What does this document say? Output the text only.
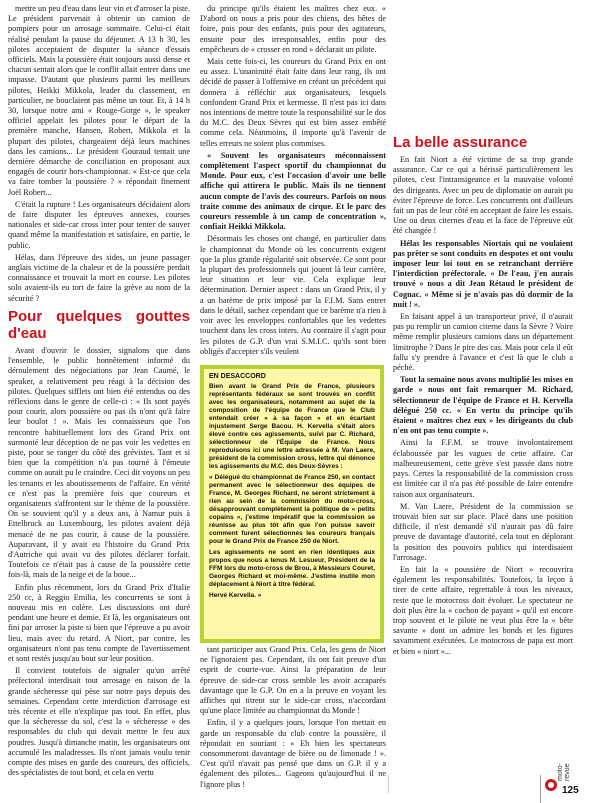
mettre un peu d'eau dans leur vin et d'arroser la piste. Le président parvenait à obtenir un camion de pompiers pour un arrosage sommaire. Celui-ci était réalisé pendant la pause du déjeuner. A 13 h 30, les pilotes acceptaient de disputer la séance d'essais officiels. Mais la poussière était toujours aussi dense et chacun sentait alors que le conflit allait entrer dans une impasse. D'autant que plusieurs parmi les meilleurs pilotes, Heikki Mikkola, leader du classement, en particulier, ne bouclaient pas même un tour. Et, à 14 h 30, lorsque notre ami « Rouge-Gorge », le speaker officiel appelait les pilotes pour le départ de la première manche, Hansen, Robert, Mikkola et la plupart des pilotes, chargeaient déjà leurs machines dans les camions... Le président Gouraud tentait une dernière démarche de conciliation en proposant aux engagés de courir hors-championnat. « Est-ce que cela va faire tomber la poussière ? » répondait finement Joël Robert...

C'était la rupture ! Les organisateurs décidaient alors de faire disputer les épreuves annexes, courses nationales et side-car cross inter pour tenter de sauver quand même la manifestation et satisfaire, en partie, le public.

Hélas, dans l'épreuve des sides, un jeune passager anglais victime de la chaleur et de la poussière perdait connaissance et trouvait la mort en course. Les pilotes solo avaient-ils eu tort de faire la grève au nom de la sécurité ?

Pour quelques gouttes d'eau

Avant d'ouvrir le dossier, signalons que dans l'ensemble, le public honnêtement informé du déroulement des négociations par Jean Caumé, le speaker, a relativement peu réagi à la décision des pilotes. Quelques sifflets ont bien été entendus ou des réflexions dans le genre de celle-ci : « Ils sont payés pour courir, alors poussière ou pas ils n'ont qu'à faire leur boulot ! ». Mais les connaisseurs que l'on rencontre habituellement lors des Grand Prix ont surmonté leur déception de ne pas voir les vedettes en piste, pour se ranger du côté des grévistes. Tant et si bien que la compétition n'a pas tourné à l'émeute comme on aurait pu le craindre. Ceci dit voyons un peu les tenants et les aboutissements de l'affaire. En vérité ce n'est pas la première fois que coureurs et organisateurs s'affrontent sur le thème de la poussière. On se souvient qu'il y a deux ans, à Namur puis à Ettelbruck au Luxembourg, les pilotes avaient déjà menacé de ne pas courir, à cause de la poussière. Auparavant, il y avait eu l'histoire du Grand Prix d'Autriche qui avait vu des pilotes déclarer forfait. Toutefois ce n'était pas à cause de la poussière cette fois-là, mais de la neige et de la boue...

Enfin plus récemment, lors du Grand Prix d'Italie 250 cc, à Reggio Emilia, les concurrents se sont à nouveau mis en colère. Les discussions ont duré pendant une heure et demie. Et là, les organisateurs ont fini par arroser la piste si bien que l'épreuve a pu avoir lieu, mais avec du retard. A Niort, par contre, les organisateurs n'ont pas tenu compte de l'avertissement et sont restés jusqu'au bout sur leur position.

Il convient toutefois de signaler qu'un arrêté préfectoral interdisait tout arrosage en raison de la grande sécheresse qui pèse sur notre pays depuis des semaines. Cependant cette interdiction d'arrosage est très récente et elle n'explique pas tout. En effet, plus que la sécheresse du sol, c'est la « sécheresse » des responsables du club qui devait mettre le feu aux poudres. Jusqu'à dimanche matin, les organisateurs ont accumulé les maladresses. Ils n'ont jamais voulu tenir compte des mises en garde des coureurs, des officiels, des spécialistes de tout bord, et cela en vertu

du principe qu'ils étaient les maîtres chez eux. « D'abord on nous a pris pour des chiens, des bêtes de foire, puis pour des enfants, puis pour des agitateurs, ensuite pour des irresponsables, enfin pour des empêcheurs de « crosser en rond » déclarait un pilote.

Mais cette fois-ci, les coureurs du Grand Prix en ont eu assez. L'unanimité était faite dans leur rang, ils ont décidé de passer à l'offensive en créant un précédent qui donnera à réfléchir aux organisateurs, lesquels confondent Grand Prix et kermesse. Il n'est pas ici dans nos intentions de mettre toute la responsabilité sur le dos du M.C. des Deux Sèvres qui est bien assez embêté comme cela. Néanmoins, il importe qu'à l'avenir de telles erreurs ne soient plus commises.

« Souvent les organisateurs méconnaissent complètement l'aspect sportif du championnat du Monde. Pour eux, c'est l'occasion d'avoir une belle affiche qui attirera le public. Mais ils ne tiennent aucun compte de l'avis des coureurs. Parfois on nous traite comme des animaux de cirque. Et le parc des coureurs ressemble à un camp de concentration », confiait Heikki Mikkola.

Désormais les choses ont changé, en particulier dans le championnat du Monde où les concurrents exigent que la plus grande régularité soit observée. Ce sont pour la plupart des professionnels qui jouent là leur carrière, leur situation et leur vie. Cela explique leur détermination. Dernier aspect : dans un Grand Prix, il y a un barème de prix imposé par la F.I.M. Sans entrer dans le détail, sachez cependant que ce barème n'a rien à voir avec les enveloppes confortables que les vedettes touchent dans les cross inters. Au contraire il s'agit pour les pilotes de G.P. d'un vrai S.M.I.C. qu'ils sont bien obligés d'accepter s'ils veulent

EN DESACCORD

Bien avant le Grand Prix de France, plusieurs représentants fédéraux se sont trouvés en conflit avec les organisateurs, notamment au sujet de la composition de l'équipe de France que le Club entendait créer « à sa façon » et en écartant injustement Serge Bacou. H. Kervella s'était alors élevé contre ces agissements, suivi par C. Richard, sélectionneur de l'Équipe de France. Nous reproduisons ici une lettre adressée à M. Van Laere, président de la commission cross, lettre qui dénonce les agissements du M.C. des Deux-Sèvres :

« Délégué du championnat de France 250, en contact permanent avec le sélectionneur des équipes de France, M. Georges Richard, ne seront strictement à rien au sein de la commission du moto-cross, désapprouvant complètement la politique de « petits copains », j'estime impératif que la commission se réunisse au plus tôt afin que l'on puisse savoir comment furent sélectionnés les coureurs français pour le Grand Prix de France 250 de Niort.

Les agissements ne sont en rien identiques aux propos que nous a tenus M. Lesueur, Président de la FFM lors du moto-cross de Brou, à Messieurs Couret, Georges Richard et moi-même. J'estime inutile mon déplacement à Niort à titre fédéral.

Hervé Kervella. »

tant participer aux Grand Prix. Cela, les gens de Niort ne l'ignoraient pas. Cependant, ils ont fait preuve d'un esprit de courte-vue. Ainsi la préparation de leur épreuve de side-car cross semble les avoir accaparés davantage que le G.P. On en a la preuve en voyant les affiches qui titrent sur le side-car cross, n'accordant qu'une place limitée au championnat du Monde !

Enfin, il y a quelques jours, lorsque l'on mettait en garde un responsable du club contre la poussière, il répondait en souriant : « Eh bien les spectateurs consommeront davantage de bière ou de limonade ! ». C'est qu'il n'avait pas pensé que dans un G.P. il y a également des pilotes... Gageons qu'aujourd'hui il ne l'ignore plus !

La belle assurance

En fait Niort a été victime de sa trop grande assurance. Car ce qui a hérissé particulièrement les pilotes, c'est l'intransigeance et la mauvaise volonté des dirigeants. Avec un peu de diplomatie on aurait pu éviter l'épreuve de force. Les concurrents ont d'ailleurs fait un pas de leur côté en acceptant de faire les essais. Une ou deux citernes d'eau et la face de l'épreuve eût été changée !

Hélas les responsables Niortais qui ne voulaient pas prêter se sont conduits en despotes et ont voulu imposer leur loi tout en se retranchant derrière l'interdiction préfectorale. « De l'eau, j'en aurais trouvé » nous a dit Jean Rétaud le président de Cognac. « Même si je n'avais pas dû dormir de la nuit ! ».

En faisant appel à un transporteur privé, il n'aurait pas pu remplir un camion citerne dans la Sèvre ? Voire même remplir plusieurs camions dans un département limitrophe ? Dans le pire des cas. Mais pour cela il eût fallu s'y prendre à l'avance et c'est là que le club a péché.

Tout la semaine nous avons multiplié les mises en garde » nous ont fait remarquer M. Richard, sélectionneur de l'équipe de France et H. Kervella délégué 250 cc. « En vertu du principe qu'ils étaient « maîtres chez eux » les dirigeants du club n'en ont pas tenu compte ».

Ainsi la F.F.M. se trouve involontairement éclaboussée par les vagues de cette affaire. Car malheureusement, cette grève s'est passée dans notre pays. Certes la responsabilité de la commission cross est limitée car il n'a pas été possible de faire entendre raison aux organisateurs.

M. Van Laere, Président de la commission se trouvait bien sur sur place. Placé dans une position difficile, il n'est demandé s'il n'aurait pas dû faire preuve de davantage d'autorité, cela tout en déplorant la position des pouvoirs publics qui interdisaient l'arrosage.

En fait la « poussière de Niort » recouvrira également les responsabilités. Toutefois, la leçon à tirer de cette affaire, regrettable à tous les niveaux, reste que le motocross doit évoluer. Le spectateur ne doit plus être la « cochon de payant » qu'il est encore trop souvent et le pilote ne veut plus être la « bête savante » dont on admire les bonds et les figures savamment exécutées. Le motocross de papa est mort et bien « niort »...

moto-revue
125
